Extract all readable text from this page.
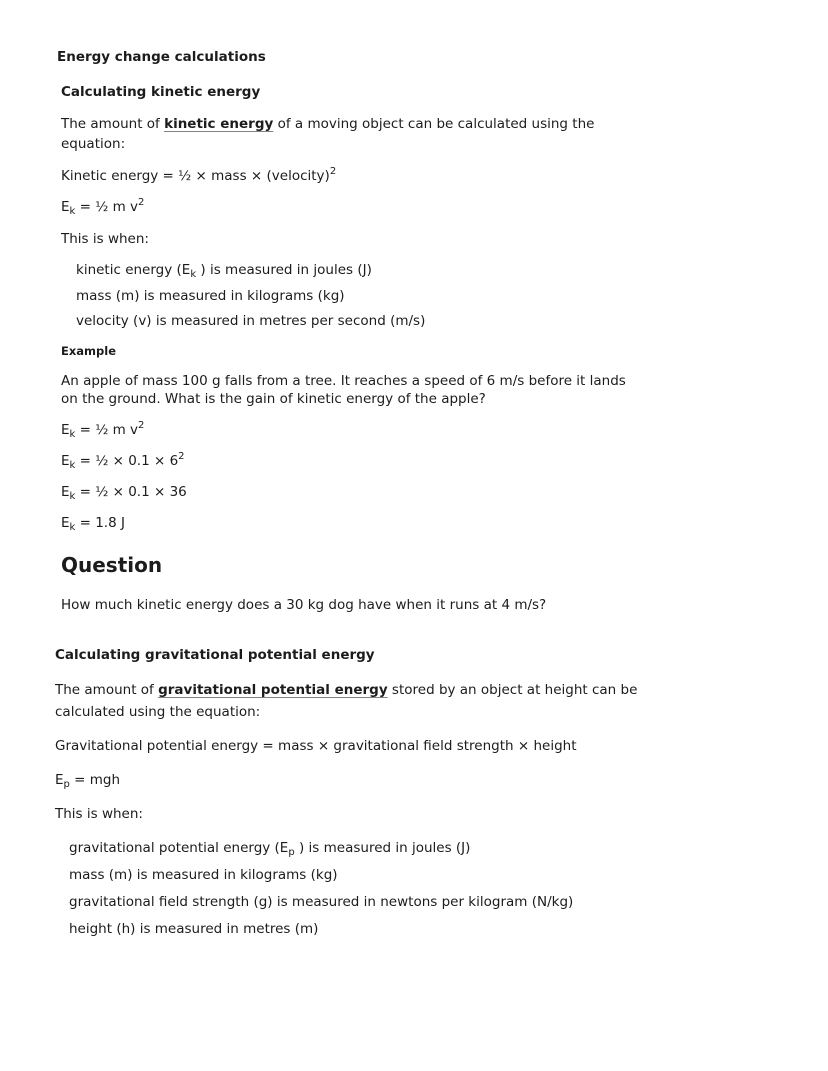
Energy change calculations
Calculating kinetic energy
The amount of kinetic energy of a moving object can be calculated using the
equation:
Kinetic energy = ½ × mass × (velocity)$^2$
$E_k$ = ½ m $v^2$
This is when:
kinetic energy ($E_k$ ) is measured in joules (J)
mass (m) is measured in kilograms (kg)
velocity (v) is measured in metres per second (m/s)
Example
An apple of mass 100 g falls from a tree. It reaches a speed of 6 m/s before it lands
on the ground. What is the gain of kinetic energy of the apple?
$E_k$ = ½ m $v^2$
$E_k$ = ½ × $0.1 \times 6^2$
$E_k$ = ½ × 0.1 × 36
$E_k = 1.8$ J
Question
How much kinetic energy does a 30 kg dog have when it runs at 4 m/s?
Calculating gravitational potential energy
The amount of gravitational potential energy stored by an object at height can be
calculated using the equation:
Gravitational potential energy = mass × gravitational field strength × height
$E_p$ = mgh
This is when:
gravitational potential energy ($E_p$ ) is measured in joules (J)
mass (m) is measured in kilograms (kg)
gravitational field strength (g) is measured in newtons per kilogram (N/kg)
height (h) is measured in metres (m)
